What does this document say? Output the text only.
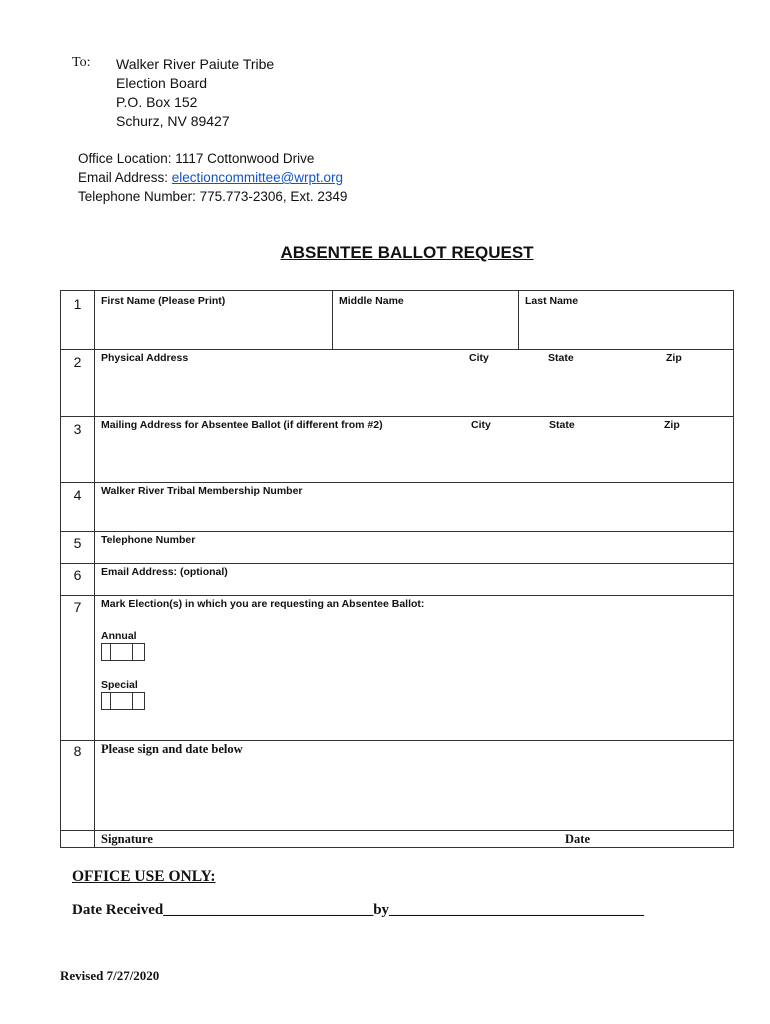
To: Walker River Paiute Tribe
Election Board
P.O. Box 152
Schurz, NV 89427
Office Location: 1117 Cottonwood Drive
Email Address: electioncommittee@wrpt.org
Telephone Number: 775.773-2306, Ext. 2349
ABSENTEE BALLOT REQUEST
1	First Name (Please Print)	Middle Name	Last Name
2	Physical Address	City	State	Zip
3	Mailing Address for Absentee Ballot (if different from #2)	City	State	Zip
4	Walker River Tribal Membership Number
5	Telephone Number
6	Email Address: (optional)
7	Mark Election(s) in which you are requesting an Absentee Ballot:
Annual
Special
8	Please sign and date below
Signature	Date
OFFICE USE ONLY:
Date Received____________________________by__________________________________
Revised 7/27/2020
